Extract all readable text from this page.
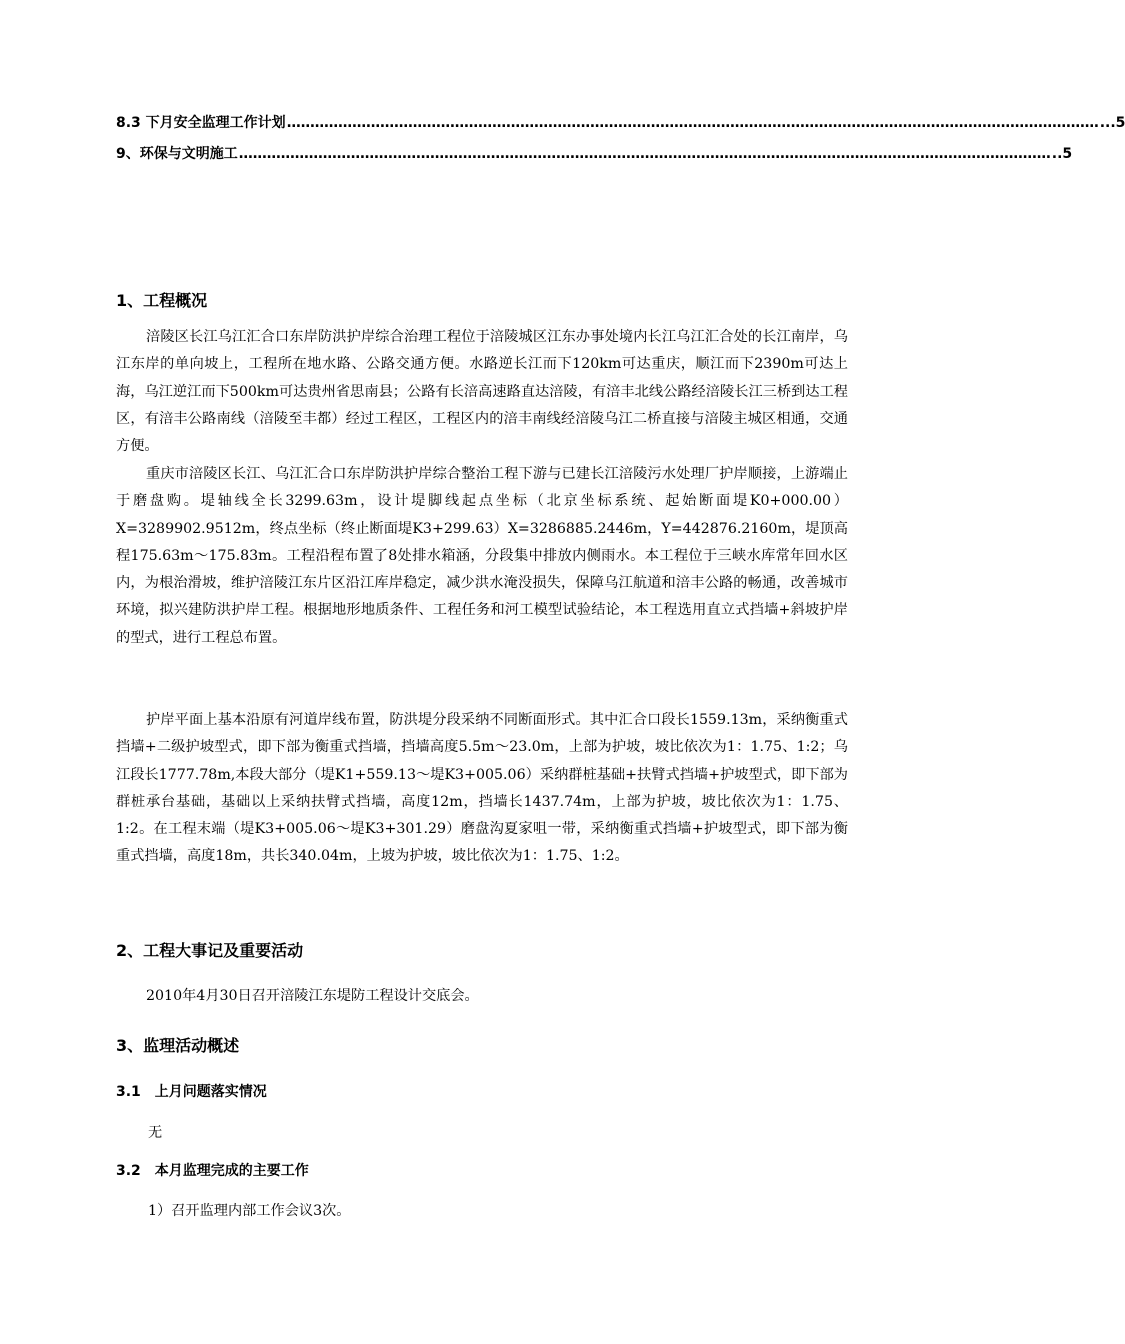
8.3 下月安全监理工作计划 ………………………………………………………………………………………………………………………………………………………… ...5
9、环保与文明施工 ………………………………………………………………………………………………………………………………………………………… ..5
1、工程概况

涪陵区长江乌江汇合口东岸防洪护岸综合治理工程位于涪陵城区江东办事处境内长江乌江汇合处的长江南岸，乌江东岸的单向坡上，工程所在地水路、公路交通方便。水路逆长江而下120km可达重庆，顺江而下2390m可达上海，乌江逆江而下500km可达贵州省思南县；公路有长涪高速路直达涪陵，有涪丰北线公路经涪陵长江三桥到达工程区，有涪丰公路南线（涪陵至丰都）经过工程区，工程区内的涪丰南线经涪陵乌江二桥直接与涪陵主城区相通，交通方便。

重庆市涪陵区长江、乌江汇合口东岸防洪护岸综合整治工程下游与已建长江涪陵污水处理厂护岸顺接，上游端止于磨盘购。堤轴线全长3299.63m，设计堤脚线起点坐标（北京坐标系统、起始断面堤K0+000.00）X=3289902.9512m，终点坐标（终止断面堤K3+299.63）X=3286885.2446m，Y=442876.2160m，堤顶高程175.63m～175.83m。工程沿程布置了8处排水箱涵，分段集中排放内侧雨水。本工程位于三峡水库常年回水区内，为根治滑坡，维护涪陵江东片区沿江库岸稳定，减少洪水淹没损失，保障乌江航道和涪丰公路的畅通，改善城市环境，拟兴建防洪护岸工程。根据地形地质条件、工程任务和河工模型试验结论，本工程选用直立式挡墙+斜坡护岸的型式，进行工程总布置。

护岸平面上基本沿原有河道岸线布置，防洪堤分段采纳不同断面形式。其中汇合口段长1559.13m，采纳衡重式挡墙+二级护坡型式，即下部为衡重式挡墙，挡墙高度5.5m～23.0m，上部为护坡，坡比依次为1：1.75、1:2；乌江段长1777.78m,本段大部分（堤K1+559.13～堤K3+005.06）采纳群桩基础+扶臂式挡墙+护坡型式，即下部为群桩承台基础，基础以上采纳扶臂式挡墙，高度12m，挡墙长1437.74m，上部为护坡，坡比依次为1：1.75、1:2。在工程末端（堤K3+005.06～堤K3+301.29）磨盘沟夏家咀一带，采纳衡重式挡墙+护坡型式，即下部为衡重式挡墙，高度18m，共长340.04m，上坡为护坡，坡比依次为1：1.75、1:2。

2、工程大事记及重要活动
2010年4月30日召开涪陵江东堤防工程设计交底会。
3、监理活动概述
3.1　上月问题落实情况
无
3.2　本月监理完成的主要工作
1）召开监理内部工作会议3次。
